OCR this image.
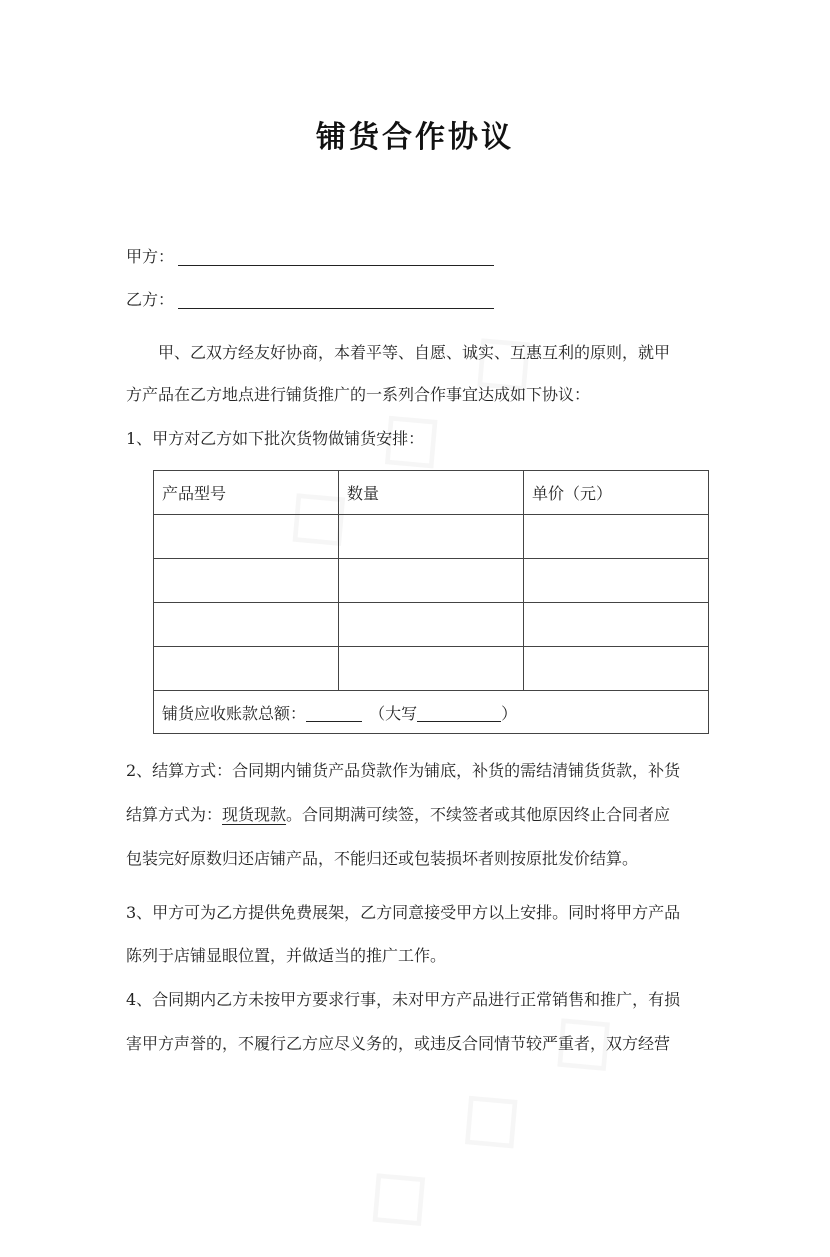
铺货合作协议
甲方：
乙方：
甲、乙双方经友好协商，本着平等、自愿、诚实、互惠互利的原则，就甲
方产品在乙方地点进行铺货推广的一系列合作事宜达成如下协议：
1、甲方对乙方如下批次货物做铺货安排：
产品型号	数量	单价（元）

铺货应收账款总额： （大写 ）		
2、结算方式：合同期内铺货产品贷款作为铺底，补货的需结清铺货货款，补货
结算方式为：现货现款。合同期满可续签，不续签者或其他原因终止合同者应
包装完好原数归还店铺产品，不能归还或包装损坏者则按原批发价结算。
3、甲方可为乙方提供免费展架，乙方同意接受甲方以上安排。同时将甲方产品
陈列于店铺显眼位置，并做适当的推广工作。
4、合同期内乙方未按甲方要求行事，未对甲方产品进行正常销售和推广，有损
害甲方声誉的，不履行乙方应尽义务的，或违反合同情节较严重者，双方经营
